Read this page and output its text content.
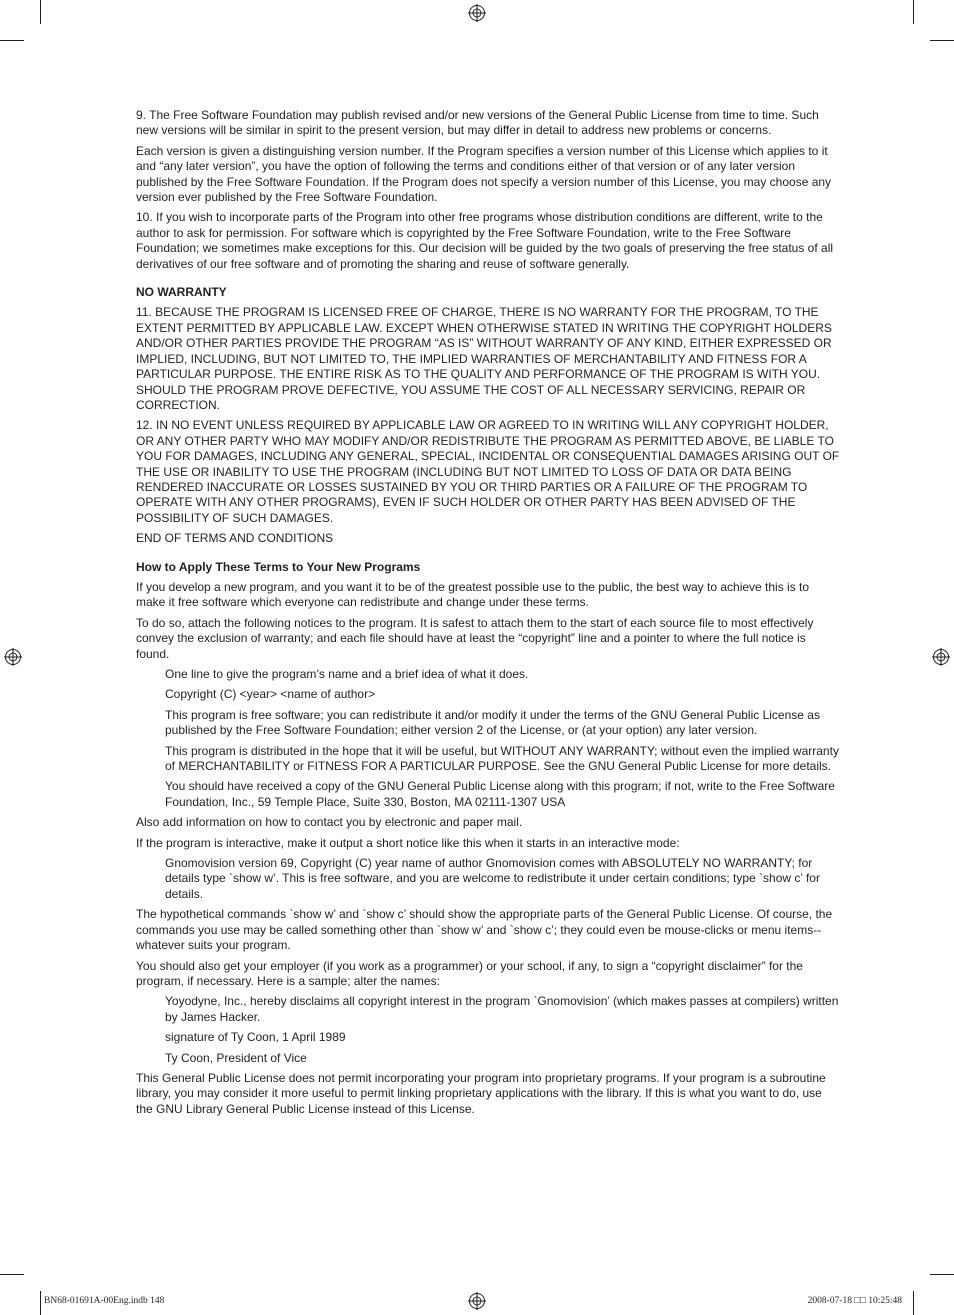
9. The Free Software Foundation may publish revised and/or new versions of the General Public License from time to time. Such new versions will be similar in spirit to the present version, but may differ in detail to address new problems or concerns.

Each version is given a distinguishing version number. If the Program specifies a version number of this License which applies to it and “any later version”, you have the option of following the terms and conditions either of that version or of any later version published by the Free Software Foundation. If the Program does not specify a version number of this License, you may choose any version ever published by the Free Software Foundation.

10. If you wish to incorporate parts of the Program into other free programs whose distribution conditions are different, write to the author to ask for permission. For software which is copyrighted by the Free Software Foundation, write to the Free Software Foundation; we sometimes make exceptions for this. Our decision will be guided by the two goals of preserving the free status of all derivatives of our free software and of promoting the sharing and reuse of software generally.

NO WARRANTY

11. BECAUSE THE PROGRAM IS LICENSED FREE OF CHARGE, THERE IS NO WARRANTY FOR THE PROGRAM, TO THE EXTENT PERMITTED BY APPLICABLE LAW. EXCEPT WHEN OTHERWISE STATED IN WRITING THE COPYRIGHT HOLDERS AND/OR OTHER PARTIES PROVIDE THE PROGRAM “AS IS” WITHOUT WARRANTY OF ANY KIND, EITHER EXPRESSED OR IMPLIED, INCLUDING, BUT NOT LIMITED TO, THE IMPLIED WARRANTIES OF MERCHANTABILITY AND FITNESS FOR A PARTICULAR PURPOSE. THE ENTIRE RISK AS TO THE QUALITY AND PERFORMANCE OF THE PROGRAM IS WITH YOU. SHOULD THE PROGRAM PROVE DEFECTIVE, YOU ASSUME THE COST OF ALL NECESSARY SERVICING, REPAIR OR CORRECTION.

12. IN NO EVENT UNLESS REQUIRED BY APPLICABLE LAW OR AGREED TO IN WRITING WILL ANY COPYRIGHT HOLDER, OR ANY OTHER PARTY WHO MAY MODIFY AND/OR REDISTRIBUTE THE PROGRAM AS PERMITTED ABOVE, BE LIABLE TO YOU FOR DAMAGES, INCLUDING ANY GENERAL, SPECIAL, INCIDENTAL OR CONSEQUENTIAL DAMAGES ARISING OUT OF THE USE OR INABILITY TO USE THE PROGRAM (INCLUDING BUT NOT LIMITED TO LOSS OF DATA OR DATA BEING RENDERED INACCURATE OR LOSSES SUSTAINED BY YOU OR THIRD PARTIES OR A FAILURE OF THE PROGRAM TO OPERATE WITH ANY OTHER PROGRAMS), EVEN IF SUCH HOLDER OR OTHER PARTY HAS BEEN ADVISED OF THE POSSIBILITY OF SUCH DAMAGES.

END OF TERMS AND CONDITIONS

How to Apply These Terms to Your New Programs

If you develop a new program, and you want it to be of the greatest possible use to the public, the best way to achieve this is to make it free software which everyone can redistribute and change under these terms.

To do so, attach the following notices to the program. It is safest to attach them to the start of each source file to most effectively convey the exclusion of warranty; and each file should have at least the “copyright” line and a pointer to where the full notice is found.

One line to give the program’s name and a brief idea of what it does.

Copyright (C) <year> <name of author>

This program is free software; you can redistribute it and/or modify it under the terms of the GNU General Public License as published by the Free Software Foundation; either version 2 of the License, or (at your option) any later version.

This program is distributed in the hope that it will be useful, but WITHOUT ANY WARRANTY; without even the implied warranty of MERCHANTABILITY or FITNESS FOR A PARTICULAR PURPOSE. See the GNU General Public License for more details.

You should have received a copy of the GNU General Public License along with this program; if not, write to the Free Software Foundation, Inc., 59 Temple Place, Suite 330, Boston, MA 02111-1307 USA

Also add information on how to contact you by electronic and paper mail.

If the program is interactive, make it output a short notice like this when it starts in an interactive mode:

Gnomovision version 69, Copyright (C) year name of author Gnomovision comes with ABSOLUTELY NO WARRANTY; for details type `show w’. This is free software, and you are welcome to redistribute it under certain conditions; type `show c’ for details.

The hypothetical commands `show w’ and `show c’ should show the appropriate parts of the General Public License. Of course, the commands you use may be called something other than `show w’ and `show c’; they could even be mouse-clicks or menu items--whatever suits your program.

You should also get your employer (if you work as a programmer) or your school, if any, to sign a “copyright disclaimer” for the program, if necessary. Here is a sample; alter the names:

Yoyodyne, Inc., hereby disclaims all copyright interest in the program `Gnomovision’ (which makes passes at compilers) written by James Hacker.

signature of Ty Coon, 1 April 1989

Ty Coon, President of Vice

This General Public License does not permit incorporating your program into proprietary programs. If your program is a subroutine library, you may consider it more useful to permit linking proprietary applications with the library. If this is what you want to do, use the GNU Library General Public License instead of this License.

BN68-01691A-00Eng.indb 148	2008-07-18 □□ 10:25:48
